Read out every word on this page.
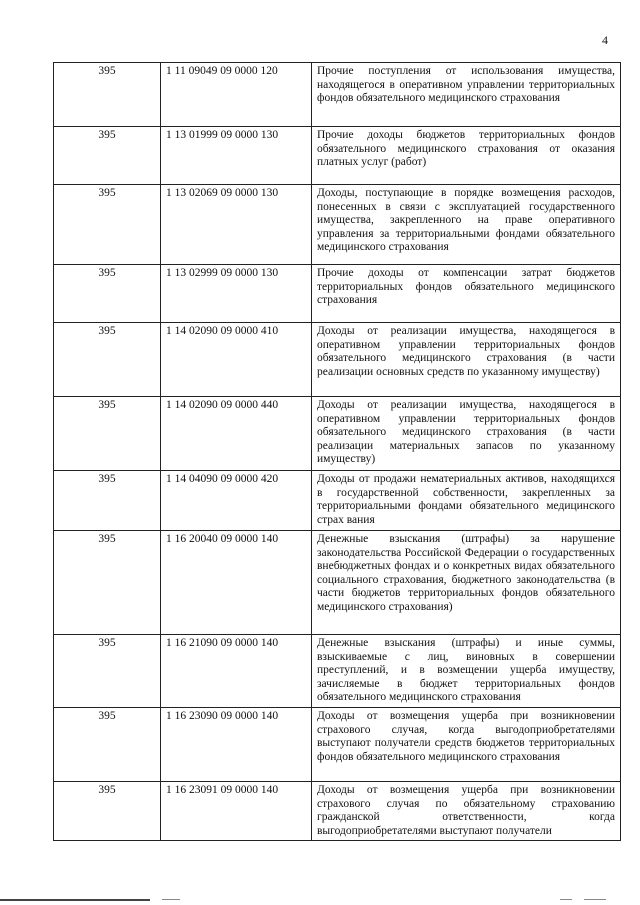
4
395	1 11 09049 09 0000 120	Прочие поступления от использования имущества, находящегося в оперативном управлении территориальных фондов обязательного медицинского страхования
395	1 13 01999 09 0000 130	Прочие доходы бюджетов территориальных фондов обязательного медицинского страхования от оказания платных услуг (работ)
395	1 13 02069 09 0000 130	Доходы, поступающие в порядке возмещения расходов, понесенных в связи с эксплуатацией государственного имущества, закрепленного на праве оперативного управления за территориальными фондами обязательного медицинского страхования
395	1 13 02999 09 0000 130	Прочие доходы от компенсации затрат бюджетов территориальных фондов обязательного медицинского страхования
395	1 14 02090 09 0000 410	Доходы от реализации имущества, находящегося в оперативном управлении территориальных фондов обязательного медицинского страхования (в части реализации основных средств по указанному имуществу)
395	1 14 02090 09 0000 440	Доходы от реализации имущества, находящегося в оперативном управлении территориальных фондов обязательного медицинского страхования (в части реализации материальных запасов по указанному имуществу)
395	1 14 04090 09 0000 420	Доходы от продажи нематериальных активов, находящихся в государственной собственности, закрепленных за территориальными фондами обязательного медицинского страх вания
395	1 16 20040 09 0000 140	Денежные взыскания (штрафы) за нарушение законодательства Российской Федерации о государственных внебюджетных фондах и о конкретных видах обязательного социального страхования, бюджетного законодательства (в части бюджетов территориальных фондов обязательного медицинского страхования)
395	1 16 21090 09 0000 140	Денежные взыскания (штрафы) и иные суммы, взыскиваемые с лиц, виновных в совершении преступлений, и в возмещении ущерба имуществу, зачисляемые в бюджет территориальных фондов обязательного медицинского страхования
395	1 16 23090 09 0000 140	Доходы от возмещения ущерба при возникновении страхового случая, когда выгодоприобретателями выступают получатели средств бюджетов территориальных фондов обязательного медицинского страхования
395	1 16 23091 09 0000 140	Доходы от возмещения ущерба при возникновении страхового случая по обязательному страхованию гражданской ответственности, когда выгодоприобретателями выступают получатели
